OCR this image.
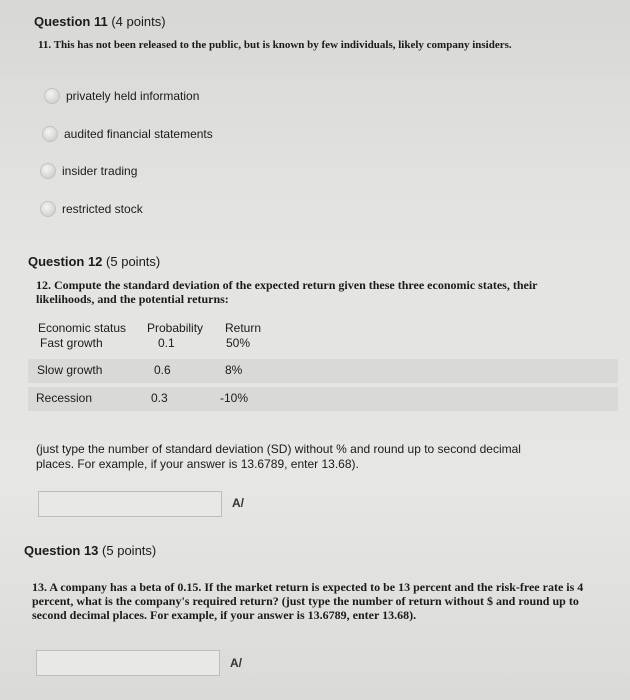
Question 11 (4 points)
11. This has not been released to the public, but is known by few individuals, likely company insiders.
privately held information
audited financial statements
insider trading
restricted stock
Question 12 (5 points)
12. Compute the standard deviation of the expected return given these three economic states, their
likelihoods, and the potential returns:
Economic status Probability Return
Fast growth	0.1	50%
Slow growth	0.6	8%
Recession	0.3	-10%
(just type the number of standard deviation (SD) without % and round up to second decimal
places. For example, if your answer is 13.6789, enter 13.68).
A/
Question 13 (5 points)
13. A company has a beta of 0.15. If the market return is expected to be 13 percent and the risk-free rate is 4
percent, what is the company's required return? (just type the number of return without $ and round up to
second decimal places. For example, if your answer is 13.6789, enter 13.68).
A/
